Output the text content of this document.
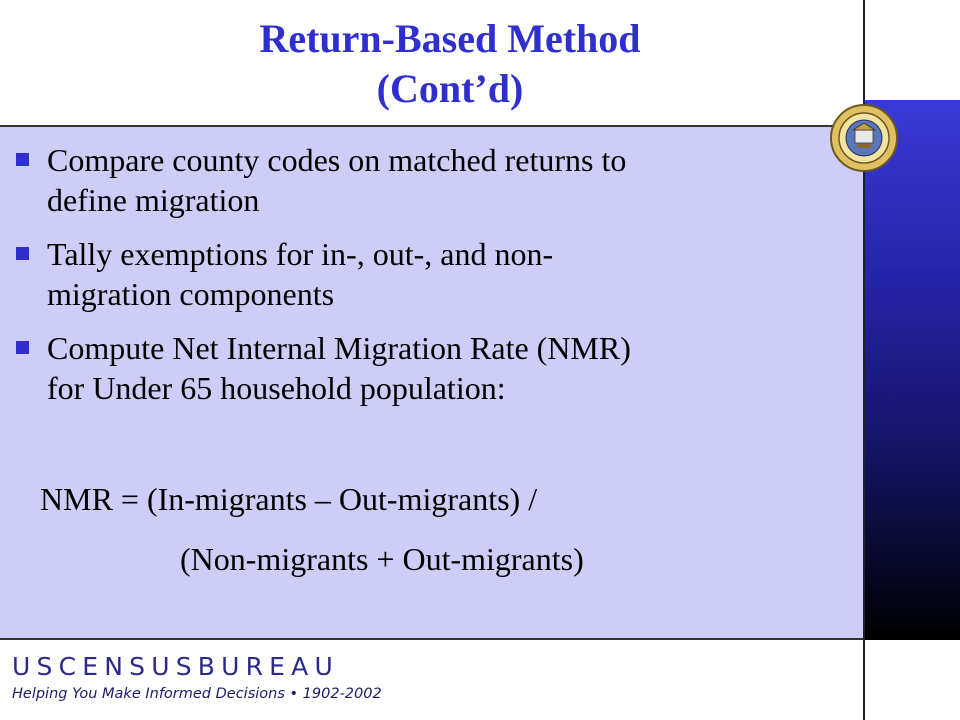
Return-Based Method
(Cont’d)
Compare county codes on matched returns to
define migration
Tally exemptions for in-, out-, and non-
migration components
Compute Net Internal Migration Rate (NMR)
for Under 65 household population:
NMR = (In-migrants – Out-migrants) /
(Non-migrants + Out-migrants)
USCENSUSBUREAU
Helping You Make Informed Decisions • 1902-2002
